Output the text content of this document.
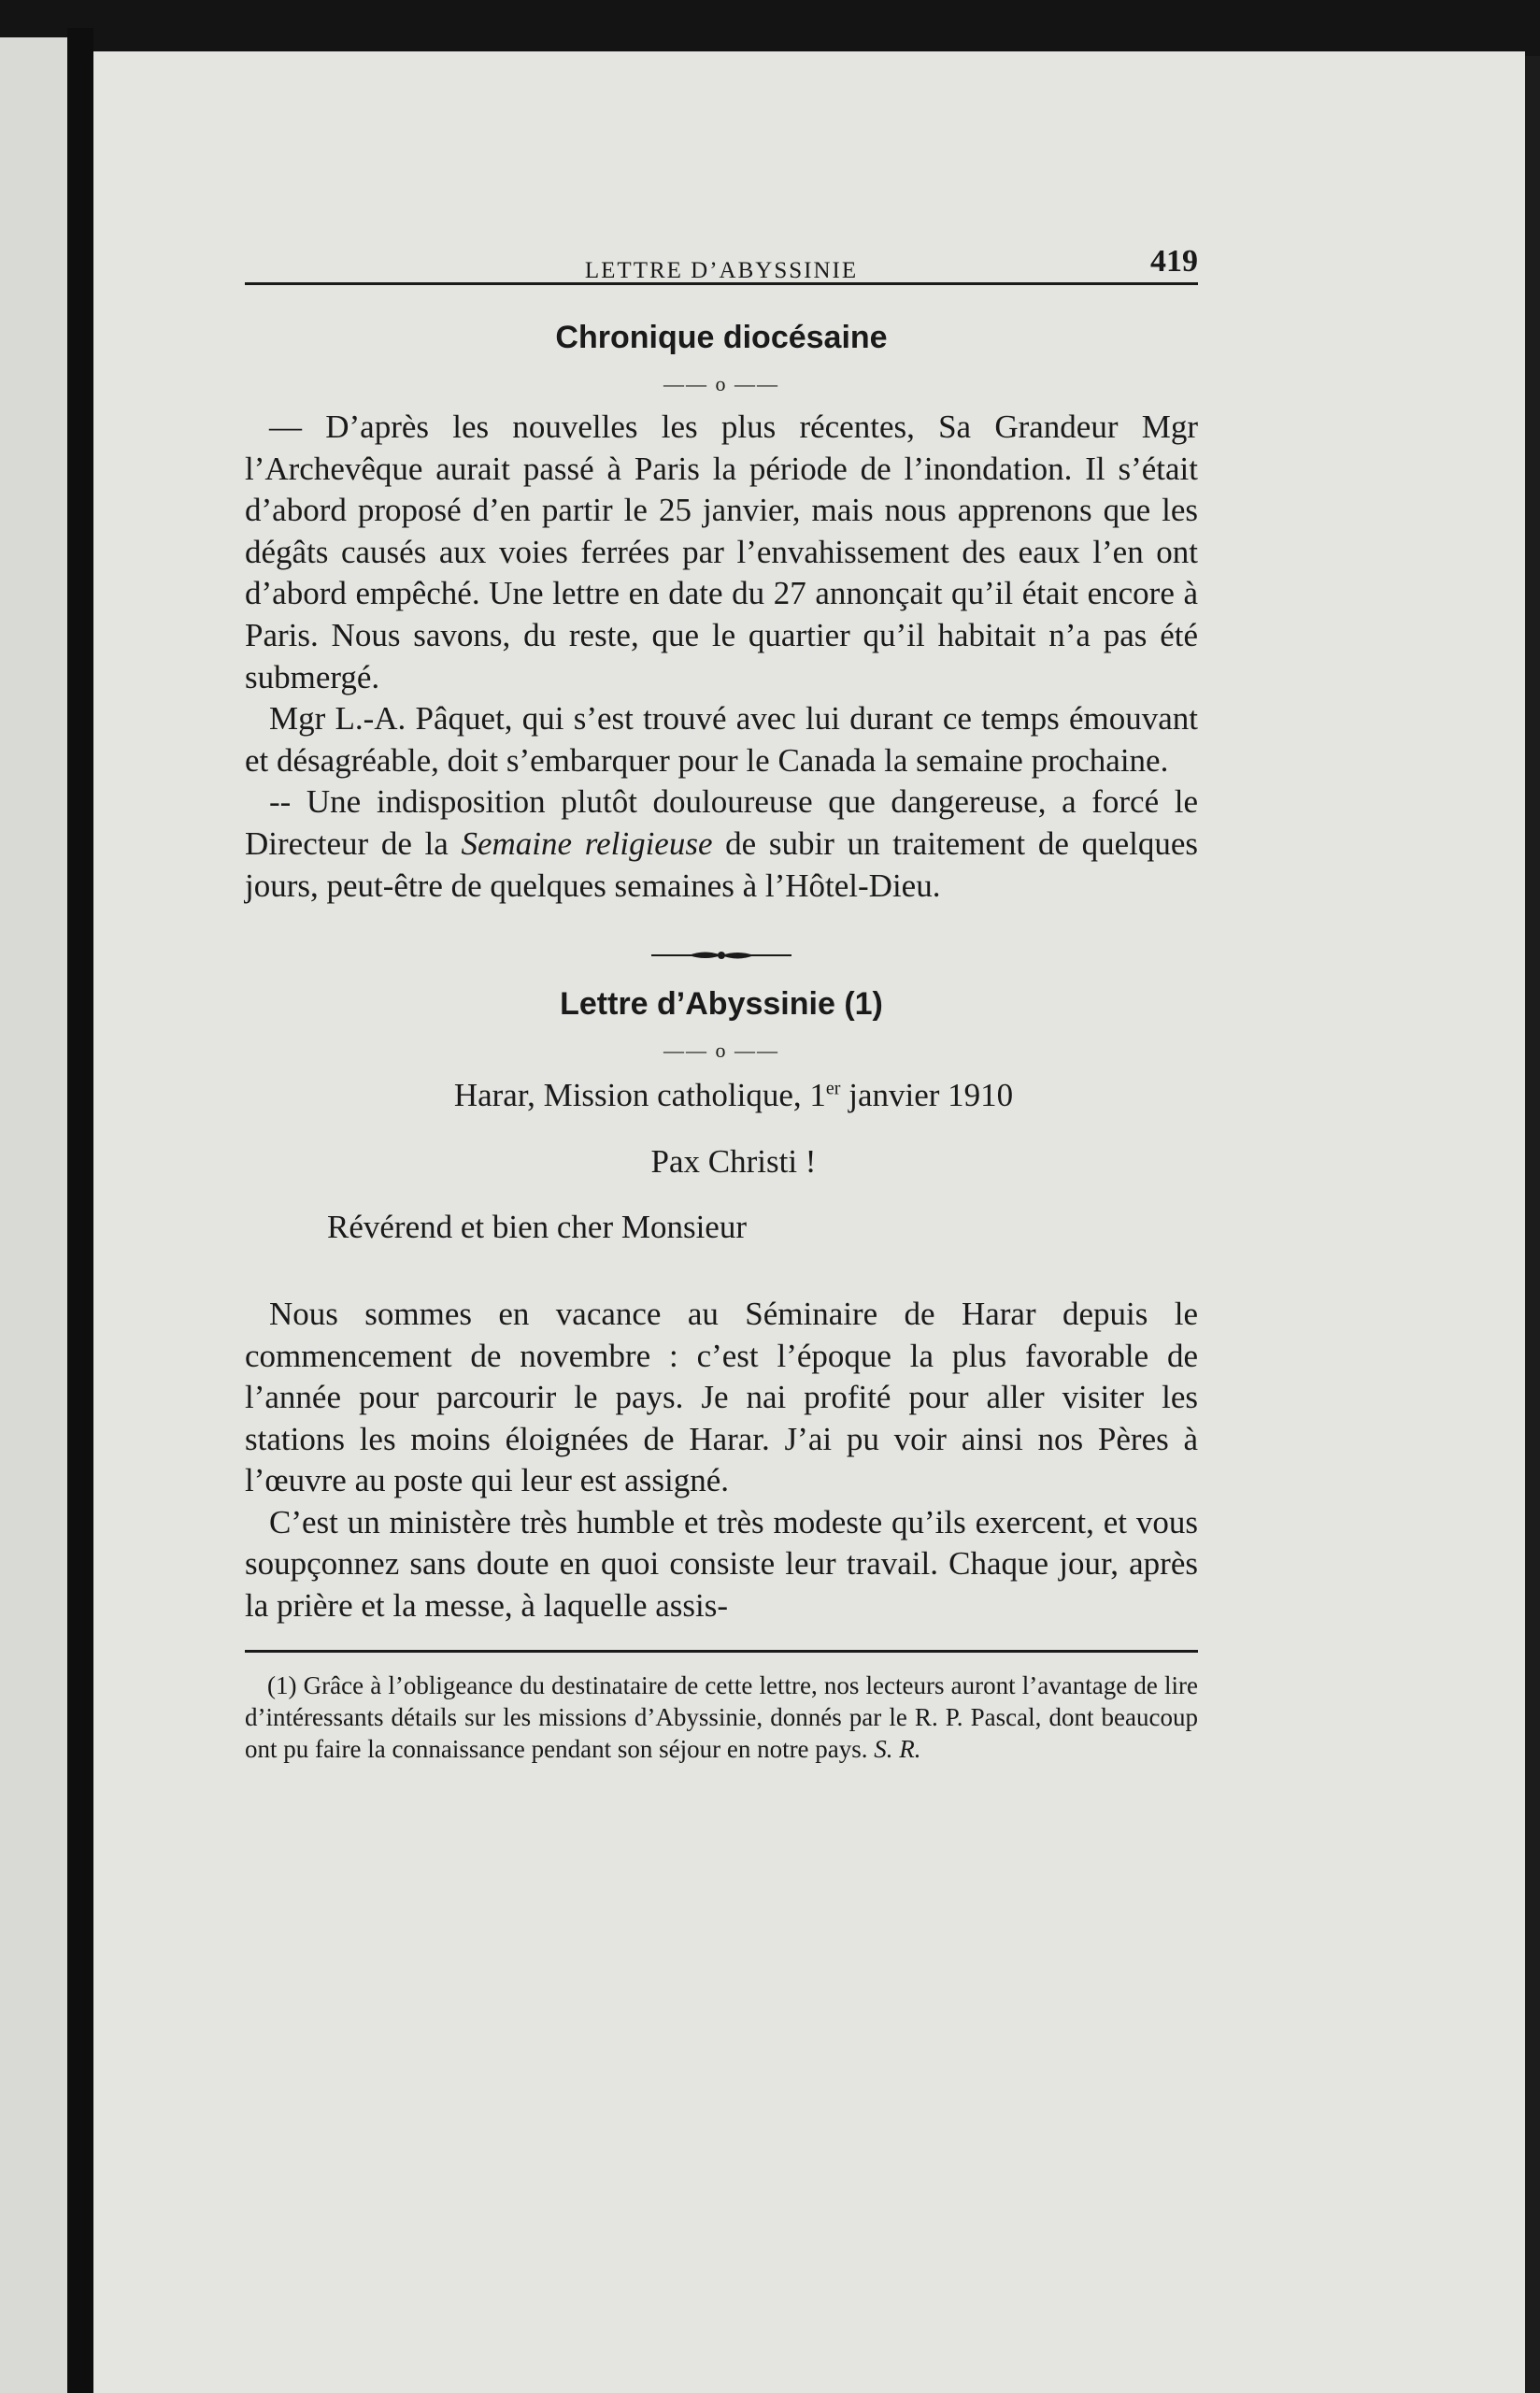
LETTRE D’ABYSSINIE	419
Chronique diocésaine
—— o ——

— D’après les nouvelles les plus récentes, Sa Grandeur Mgr l’Archevêque aurait passé à Paris la période de l’inondation. Il s’était d’abord proposé d’en partir le 25 janvier, mais nous apprenons que les dégâts causés aux voies ferrées par l’envahissement des eaux l’en ont d’abord empêché. Une lettre en date du 27 annonçait qu’il était encore à Paris. Nous savons, du reste, que le quartier qu’il habitait n’a pas été submergé.

Mgr L.-A. Pâquet, qui s’est trouvé avec lui durant ce temps émouvant et désagréable, doit s’embarquer pour le Canada la semaine prochaine.

-- Une indisposition plutôt douloureuse que dangereuse, a forcé le Directeur de la Semaine religieuse de subir un traitement de quelques jours, peut-être de quelques semaines à l’Hôtel-Dieu.

Lettre d’Abyssinie (1)
—— o ——

Harar, Mission catholique, 1er janvier 1910

Pax Christi !

Révérend et bien cher Monsieur

Nous sommes en vacance au Séminaire de Harar depuis le commencement de novembre : c’est l’époque la plus favorable de l’année pour parcourir le pays. Je nai profité pour aller visiter les stations les moins éloignées de Harar. J’ai pu voir ainsi nos Pères à l’œuvre au poste qui leur est assigné.

C’est un ministère très humble et très modeste qu’ils exercent, et vous soupçonnez sans doute en quoi consiste leur travail. Chaque jour, après la prière et la messe, à laquelle assis-

(1) Grâce à l’obligeance du destinataire de cette lettre, nos lecteurs auront l’avantage de lire d’intéressants détails sur les missions d’Abyssinie, donnés par le R. P. Pascal, dont beaucoup ont pu faire la connaissance pendant son séjour en notre pays. S. R.
